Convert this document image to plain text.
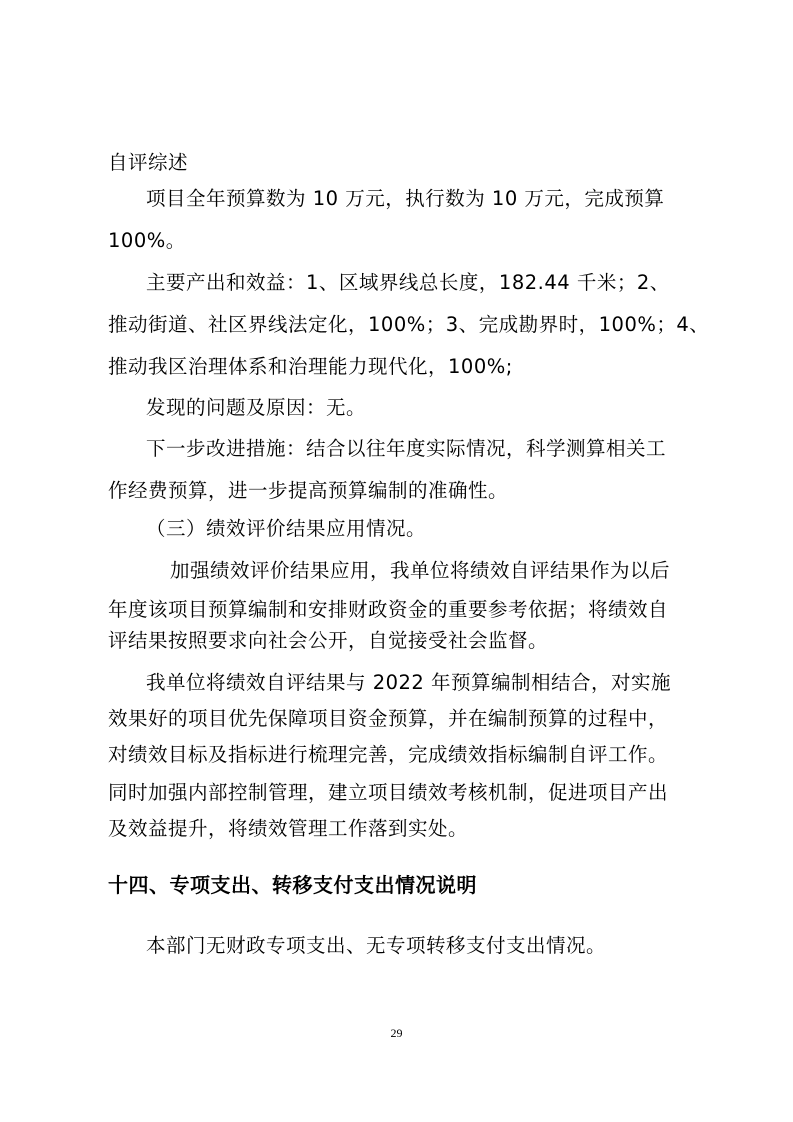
自评综述
项目全年预算数为 10 万元，执行数为 10 万元，完成预算
100%。
主要产出和效益：1、区域界线总长度，182.44 千米；2、
推动街道、社区界线法定化，100%；3、完成勘界时，100%；4、
推动我区治理体系和治理能力现代化，100%;
发现的问题及原因：无。
下一步改进措施：结合以往年度实际情况，科学测算相关工
作经费预算，进一步提高预算编制的准确性。
（三）绩效评价结果应用情况。
加强绩效评价结果应用，我单位将绩效自评结果作为以后
年度该项目预算编制和安排财政资金的重要参考依据；将绩效自
评结果按照要求向社会公开，自觉接受社会监督。
我单位将绩效自评结果与 2022 年预算编制相结合，对实施
效果好的项目优先保障项目资金预算，并在编制预算的过程中，
对绩效目标及指标进行梳理完善，完成绩效指标编制自评工作。
同时加强内部控制管理，建立项目绩效考核机制，促进项目产出
及效益提升，将绩效管理工作落到实处。
十四、专项支出、转移支付支出情况说明
本部门无财政专项支出、无专项转移支付支出情况。
29
